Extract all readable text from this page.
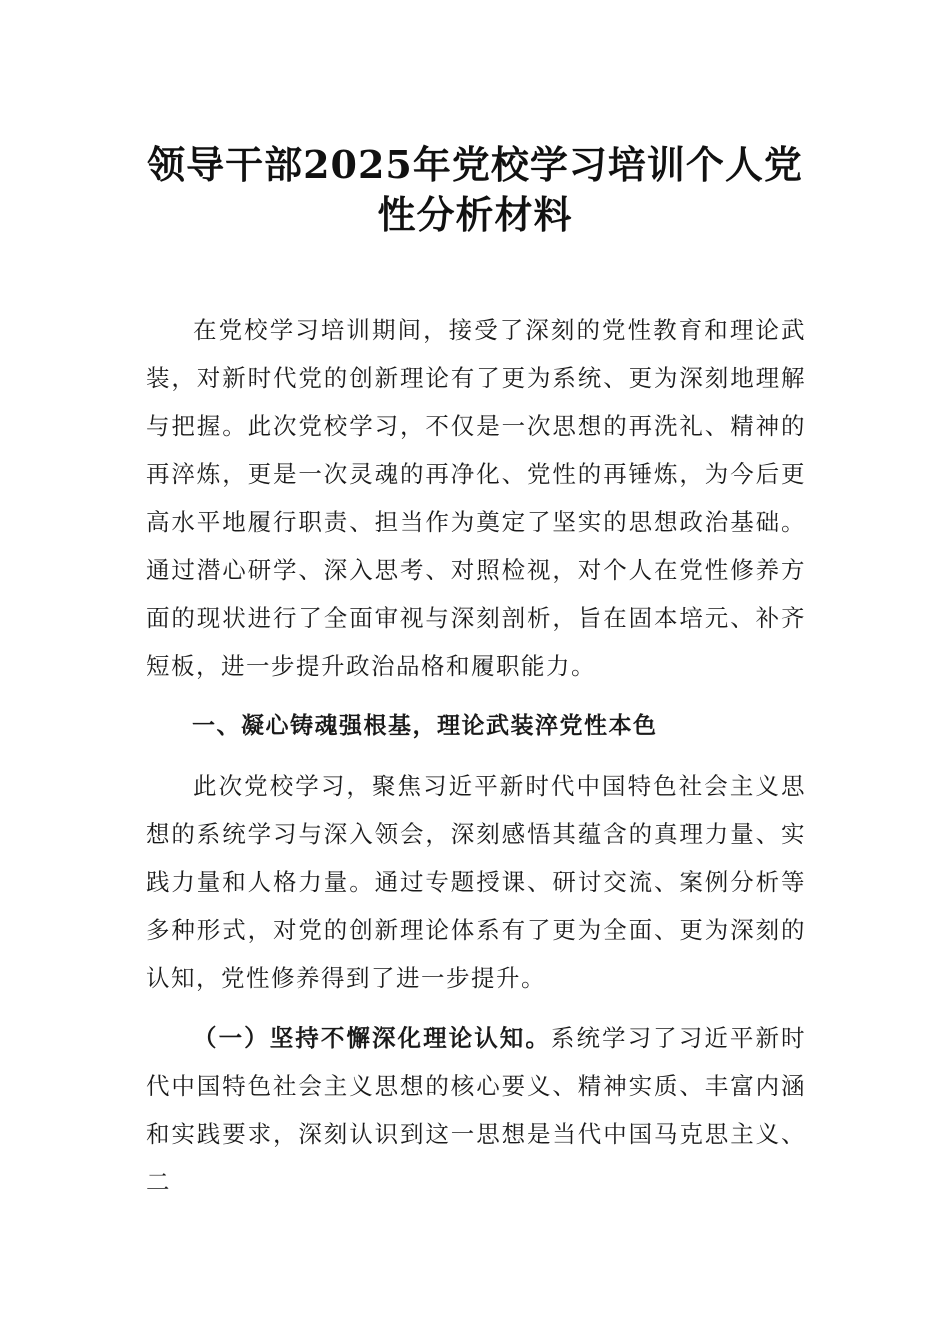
领导干部2025年党校学习培训个人党性分析材料

在党校学习培训期间，接受了深刻的党性教育和理论武装，对新时代党的创新理论有了更为系统、更为深刻地理解与把握。此次党校学习，不仅是一次思想的再洗礼、精神的再淬炼，更是一次灵魂的再净化、党性的再锤炼，为今后更高水平地履行职责、担当作为奠定了坚实的思想政治基础。通过潜心研学、深入思考、对照检视，对个人在党性修养方面的现状进行了全面审视与深刻剖析，旨在固本培元、补齐短板，进一步提升政治品格和履职能力。

一、凝心铸魂强根基，理论武装淬党性本色

此次党校学习，聚焦习近平新时代中国特色社会主义思想的系统学习与深入领会，深刻感悟其蕴含的真理力量、实践力量和人格力量。通过专题授课、研讨交流、案例分析等多种形式，对党的创新理论体系有了更为全面、更为深刻的认知，党性修养得到了进一步提升。

（一）坚持不懈深化理论认知。系统学习了习近平新时代中国特色社会主义思想的核心要义、精神实质、丰富内涵和实践要求，深刻认识到这一思想是当代中国马克思主义、二
